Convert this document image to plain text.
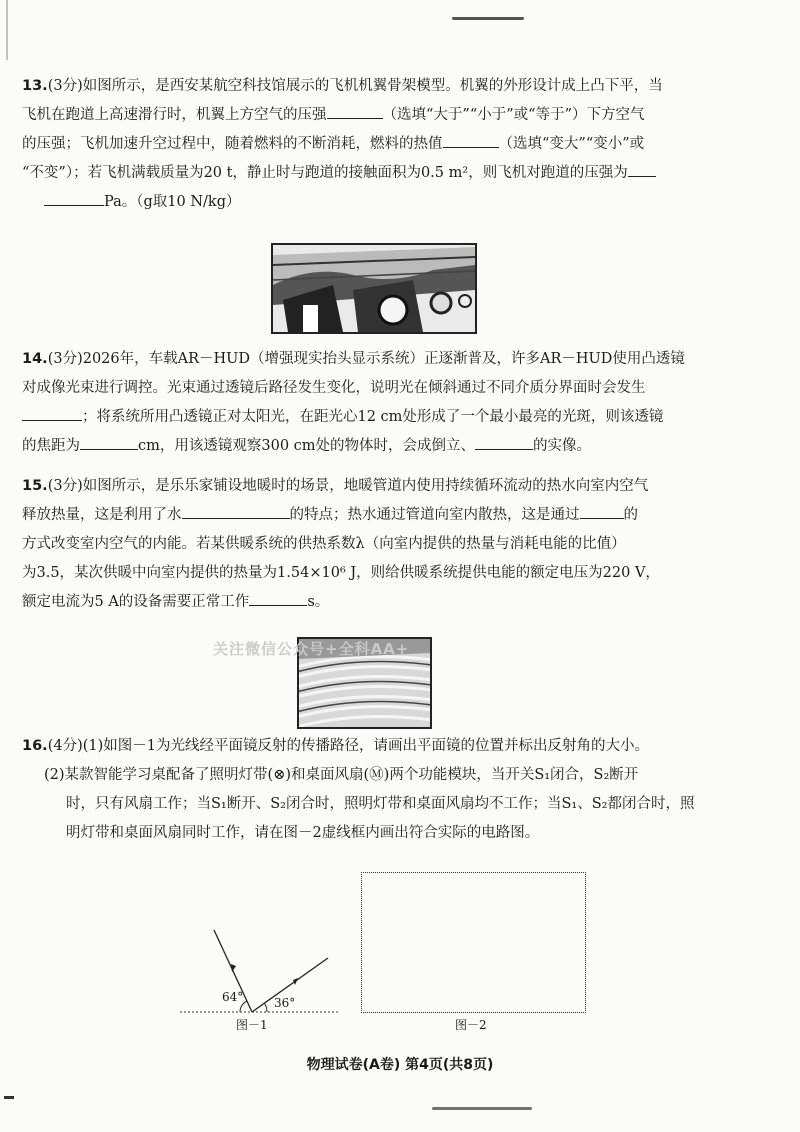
13.(3分)如图所示，是西安某航空科技馆展示的飞机机翼骨架模型。机翼的外形设计成上凸下平，当
飞机在跑道上高速滑行时，机翼上方空气的压强	（选填“大于”“小于”或“等于”）下方空气
的压强；飞机加速升空过程中，随着燃料的不断消耗，燃料的热值	（选填“变大”“变小”或
“不变”）；若飞机满载质量为20 t，静止时与跑道的接触面积为0.5 m²，则飞机对跑道的压强为
Pa。（g取10 N/kg）
14.(3分)2026年，车载AR－HUD（增强现实抬头显示系统）正逐渐普及，许多AR－HUD使用凸透镜
对成像光束进行调控。光束通过透镜后路径发生变化，说明光在倾斜通过不同介质分界面时会发生
；将系统所用凸透镜正对太阳光，在距光心12 cm处形成了一个最小最亮的光斑，则该透镜
的焦距为	cm，用该透镜观察300 cm处的物体时，会成倒立、	的实像。
15.(3分)如图所示，是乐乐家铺设地暖时的场景，地暖管道内使用持续循环流动的热水向室内空气
释放热量，这是利用了水	的特点；热水通过管道向室内散热，这是通过	的
方式改变室内空气的内能。若某供暖系统的供热系数λ（向室内提供的热量与消耗电能的比值）
为3.5，某次供暖中向室内提供的热量为1.54×10⁶ J，则给供暖系统提供电能的额定电压为220 V，
额定电流为5 A的设备需要正常工作	s。
关注微信公众号+全科AA+
16.(4分)(1)如图－1为光线经平面镜反射的传播路径，请画出平面镜的位置并标出反射角的大小。
(2)某款智能学习桌配备了照明灯带(⊗)和桌面风扇(Ⓜ)两个功能模块，当开关S₁闭合，S₂断开
时，只有风扇工作；当S₁断开、S₂闭合时，照明灯带和桌面风扇均不工作；当S₁、S₂都闭合时，照
明灯带和桌面风扇同时工作，请在图－2虚线框内画出符合实际的电路图。
64°	36°
图－1	图－2
物理试卷(A卷) 第4页(共8页)
